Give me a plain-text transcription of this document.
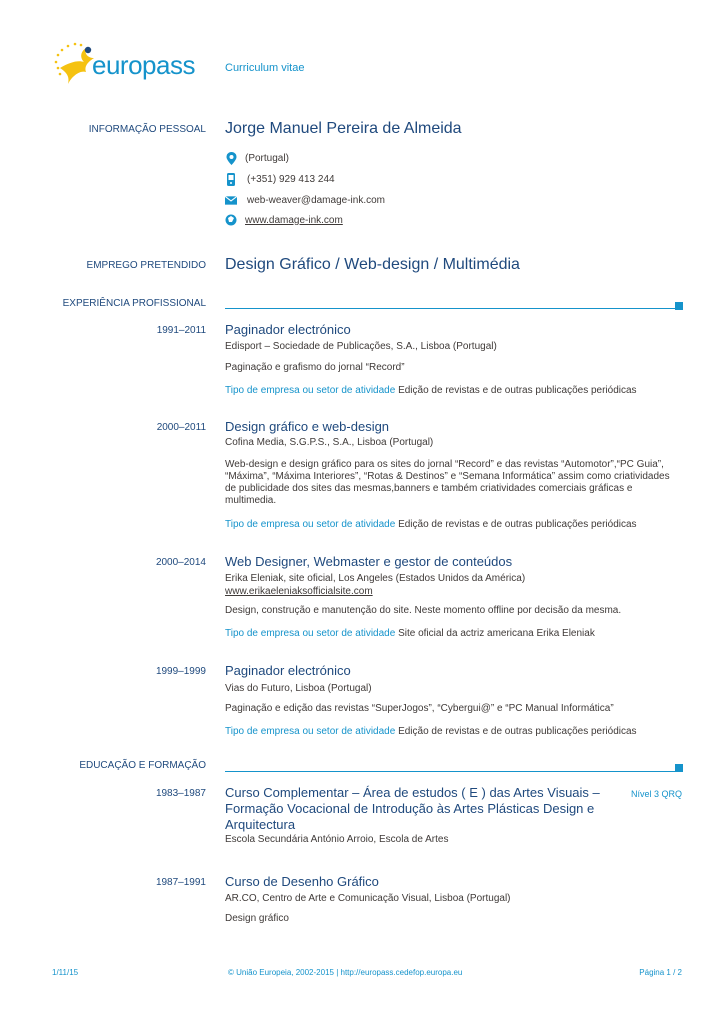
europass	Curriculum vitae
INFORMAÇÃO PESSOAL Jorge Manuel Pereira de Almeida
(Portugal)
(+351) 929 413 244
web-weaver@damage-ink.com
www.damage-ink.com
EMPREGO PRETENDIDO Design Gráfico / Web-design / Multimédia
EXPERIÊNCIA PROFISSIONAL
1991–2011 Paginador electrónico
Edisport – Sociedade de Publicações, S.A., Lisboa (Portugal)
Paginação e grafismo do jornal “Record”
Tipo de empresa ou setor de atividade Edição de revistas e de outras publicações periódicas
2000–2011 Design gráfico e web-design
Cofina Media, S.G.P.S., S.A., Lisboa (Portugal)
Web-design e design gráfico para os sites do jornal “Record” e das revistas “Automotor”,“PC Guia”, “Máxima”, “Máxima Interiores”, “Rotas & Destinos” e “Semana Informática” assim como criatividades de publicidade dos sites das mesmas,banners e também criatividades comerciais gráficas e multimedia.
Tipo de empresa ou setor de atividade Edição de revistas e de outras publicações periódicas
2000–2014 Web Designer, Webmaster e gestor de conteúdos
Erika Eleniak, site oficial, Los Angeles (Estados Unidos da América)
www.erikaeleniaksofficialsite.com
Design, construção e manutenção do site. Neste momento offline por decisão da mesma.
Tipo de empresa ou setor de atividade Site oficial da actriz americana Erika Eleniak
1999–1999 Paginador electrónico
Vias do Futuro, Lisboa (Portugal)
Paginação e edição das revistas “SuperJogos”, “Cybergui@” e “PC Manual Informática”
Tipo de empresa ou setor de atividade Edição de revistas e de outras publicações periódicas
EDUCAÇÃO E FORMAÇÃO
1983–1987 Curso Complementar – Área de estudos ( E ) das Artes Visuais – Formação Vocacional de Introdução às Artes Plásticas Design e Arquitectura
Nível 3 QRQ
Escola Secundária António Arroio, Escola de Artes
1987–1991 Curso de Desenho Gráfico
AR.CO, Centro de Arte e Comunicação Visual, Lisboa (Portugal)
Design gráfico
1/11/15	© União Europeia, 2002-2015 | http://europass.cedefop.europa.eu	Página 1 / 2
